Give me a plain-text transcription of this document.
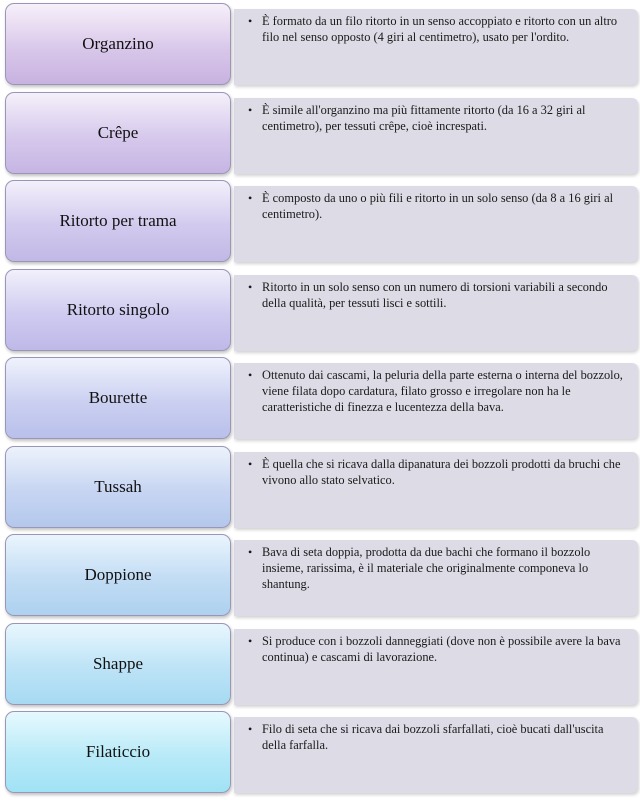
• È formato da un filo ritorto in un senso accoppiato e ritorto con un altro filo nel senso opposto (4 giri al centimetro), usato per l'ordito.
Organzino
• È simile all'organzino ma più fittamente ritorto (da 16 a 32 giri al centimetro), per tessuti crêpe, cioè increspati.
Crêpe
• È composto da uno o più fili e ritorto in un solo senso (da 8 a 16 giri al centimetro).
Ritorto per trama
• Ritorto in un solo senso con un numero di torsioni variabili a secondo della qualità, per tessuti lisci e sottili.
Ritorto singolo
• Ottenuto dai cascami, la peluria della parte esterna o interna del bozzolo, viene filata dopo cardatura, filato grosso e irregolare non ha le caratteristiche di finezza e lucentezza della bava.
Bourette
• È quella che si ricava dalla dipanatura dei bozzoli prodotti da bruchi che vivono allo stato selvatico.
Tussah
• Bava di seta doppia, prodotta da due bachi che formano il bozzolo insieme, rarissima, è il materiale che originalmente componeva lo shantung.
Doppione
• Si produce con i bozzoli danneggiati (dove non è possibile avere la bava continua) e cascami di lavorazione.
Shappe
• Filo di seta che si ricava dai bozzoli sfarfallati, cioè bucati dall'uscita della farfalla.
Filaticcio
